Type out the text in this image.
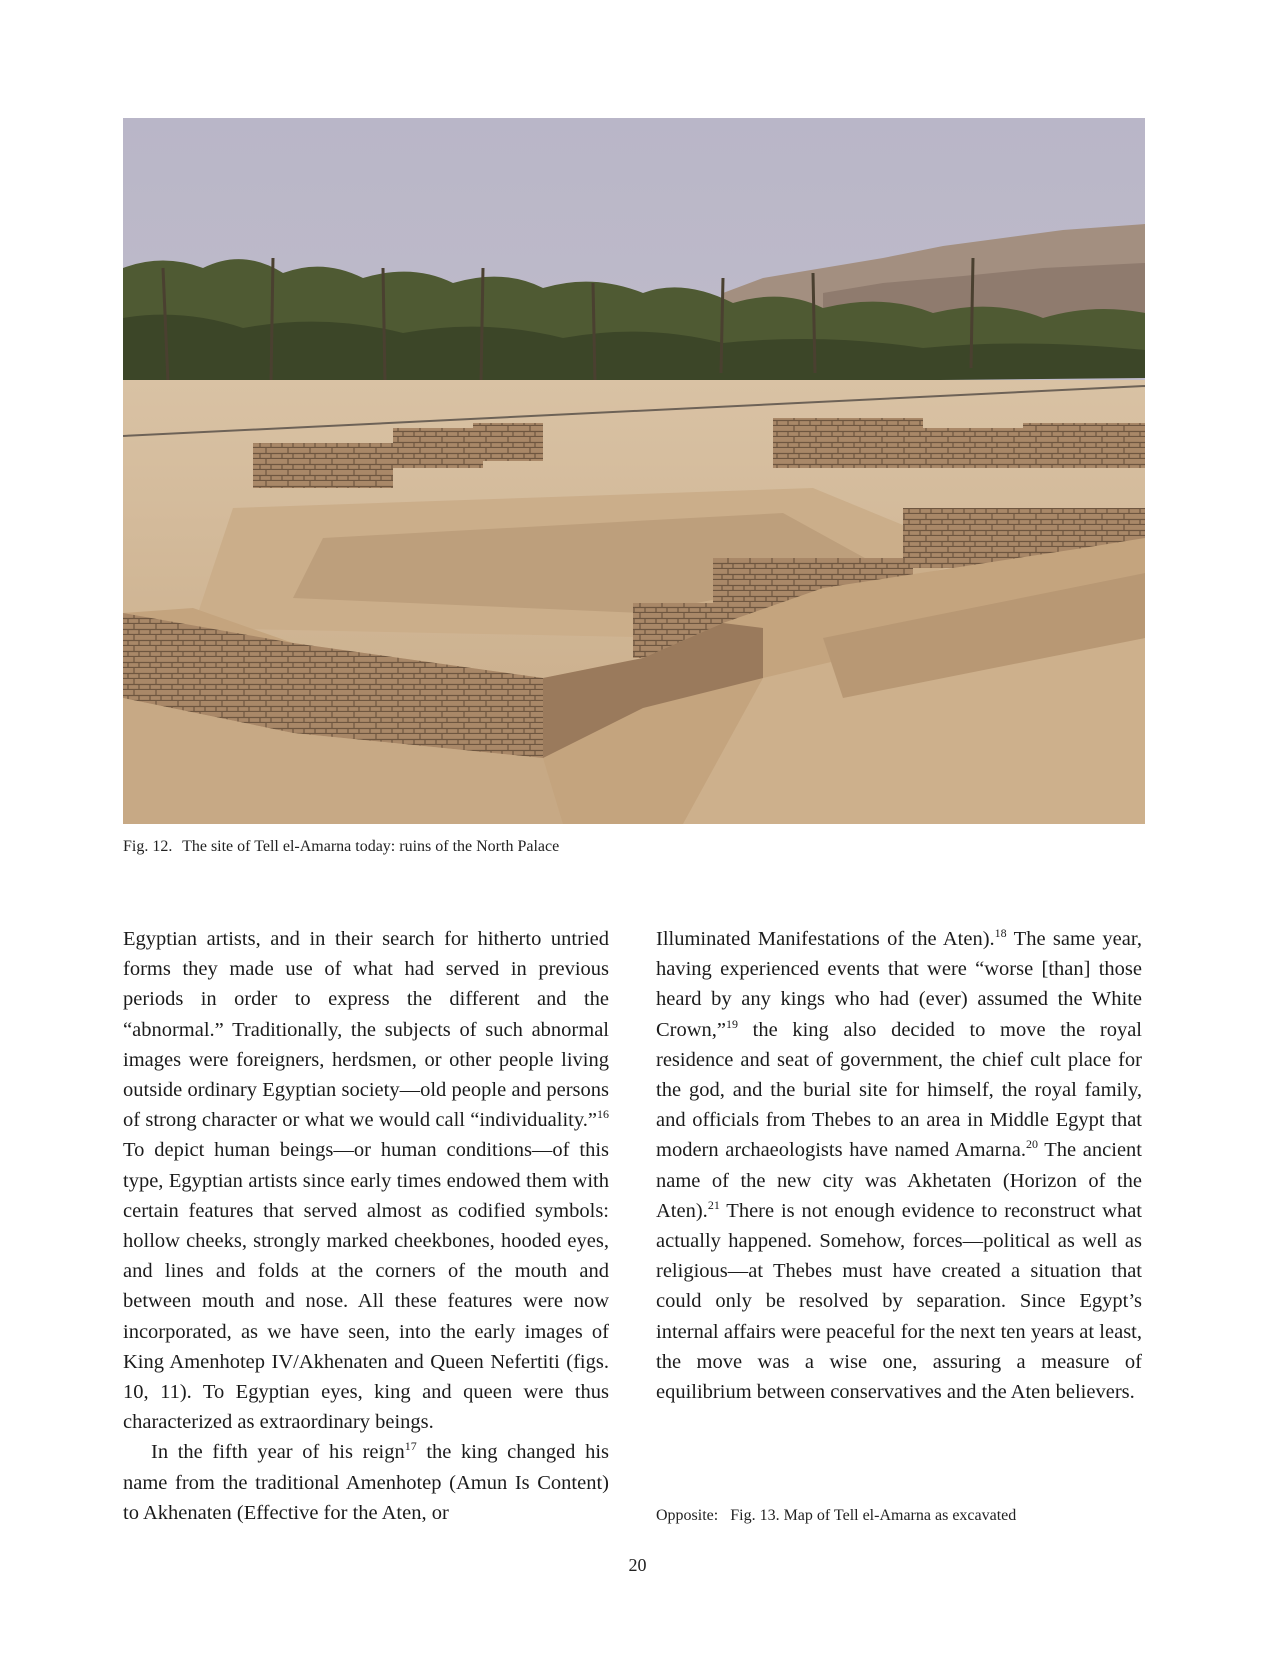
Fig. 12. The site of Tell el-Amarna today: ruins of the North Palace

Egyptian artists, and in their search for hitherto untried forms they made use of what had served in previous periods in order to express the different and the “abnormal.” Traditionally, the subjects of such abnormal images were foreigners, herdsmen, or other people living outside ordinary Egyptian society—old people and persons of strong character or what we would call “individuality.”$^{16}$ To depict human beings—or human conditions—of this type, Egyptian artists since early times endowed them with certain features that served almost as codified symbols: hollow cheeks, strongly marked cheekbones, hooded eyes, and lines and folds at the corners of the mouth and between mouth and nose. All these features were now incorporated, as we have seen, into the early images of King Amenhotep IV/Akhenaten and Queen Nefertiti (figs. 10, 11). To Egyptian eyes, king and queen were thus characterized as extraordinary beings.

In the fifth year of his reign$^{17}$ the king changed his name from the traditional Amenhotep (Amun Is Content) to Akhenaten (Effective for the Aten, or

Illuminated Manifestations of the Aten).$^{18}$ The same year, having experienced events that were “worse [than] those heard by any kings who had (ever) assumed the White Crown,”$^{19}$ the king also decided to move the royal residence and seat of government, the chief cult place for the god, and the burial site for himself, the royal family, and officials from Thebes to an area in Middle Egypt that modern archaeologists have named Amarna.$^{20}$ The ancient name of the new city was Akhetaten (Horizon of the Aten).$^{21}$ There is not enough evidence to reconstruct what actually happened. Somehow, forces—political as well as religious—at Thebes must have created a situation that could only be resolved by separation. Since Egypt’s internal affairs were peaceful for the next ten years at least, the move was a wise one, assuring a measure of equilibrium between conservatives and the Aten believers.

Opposite: Fig. 13. Map of Tell el-Amarna as excavated
20
